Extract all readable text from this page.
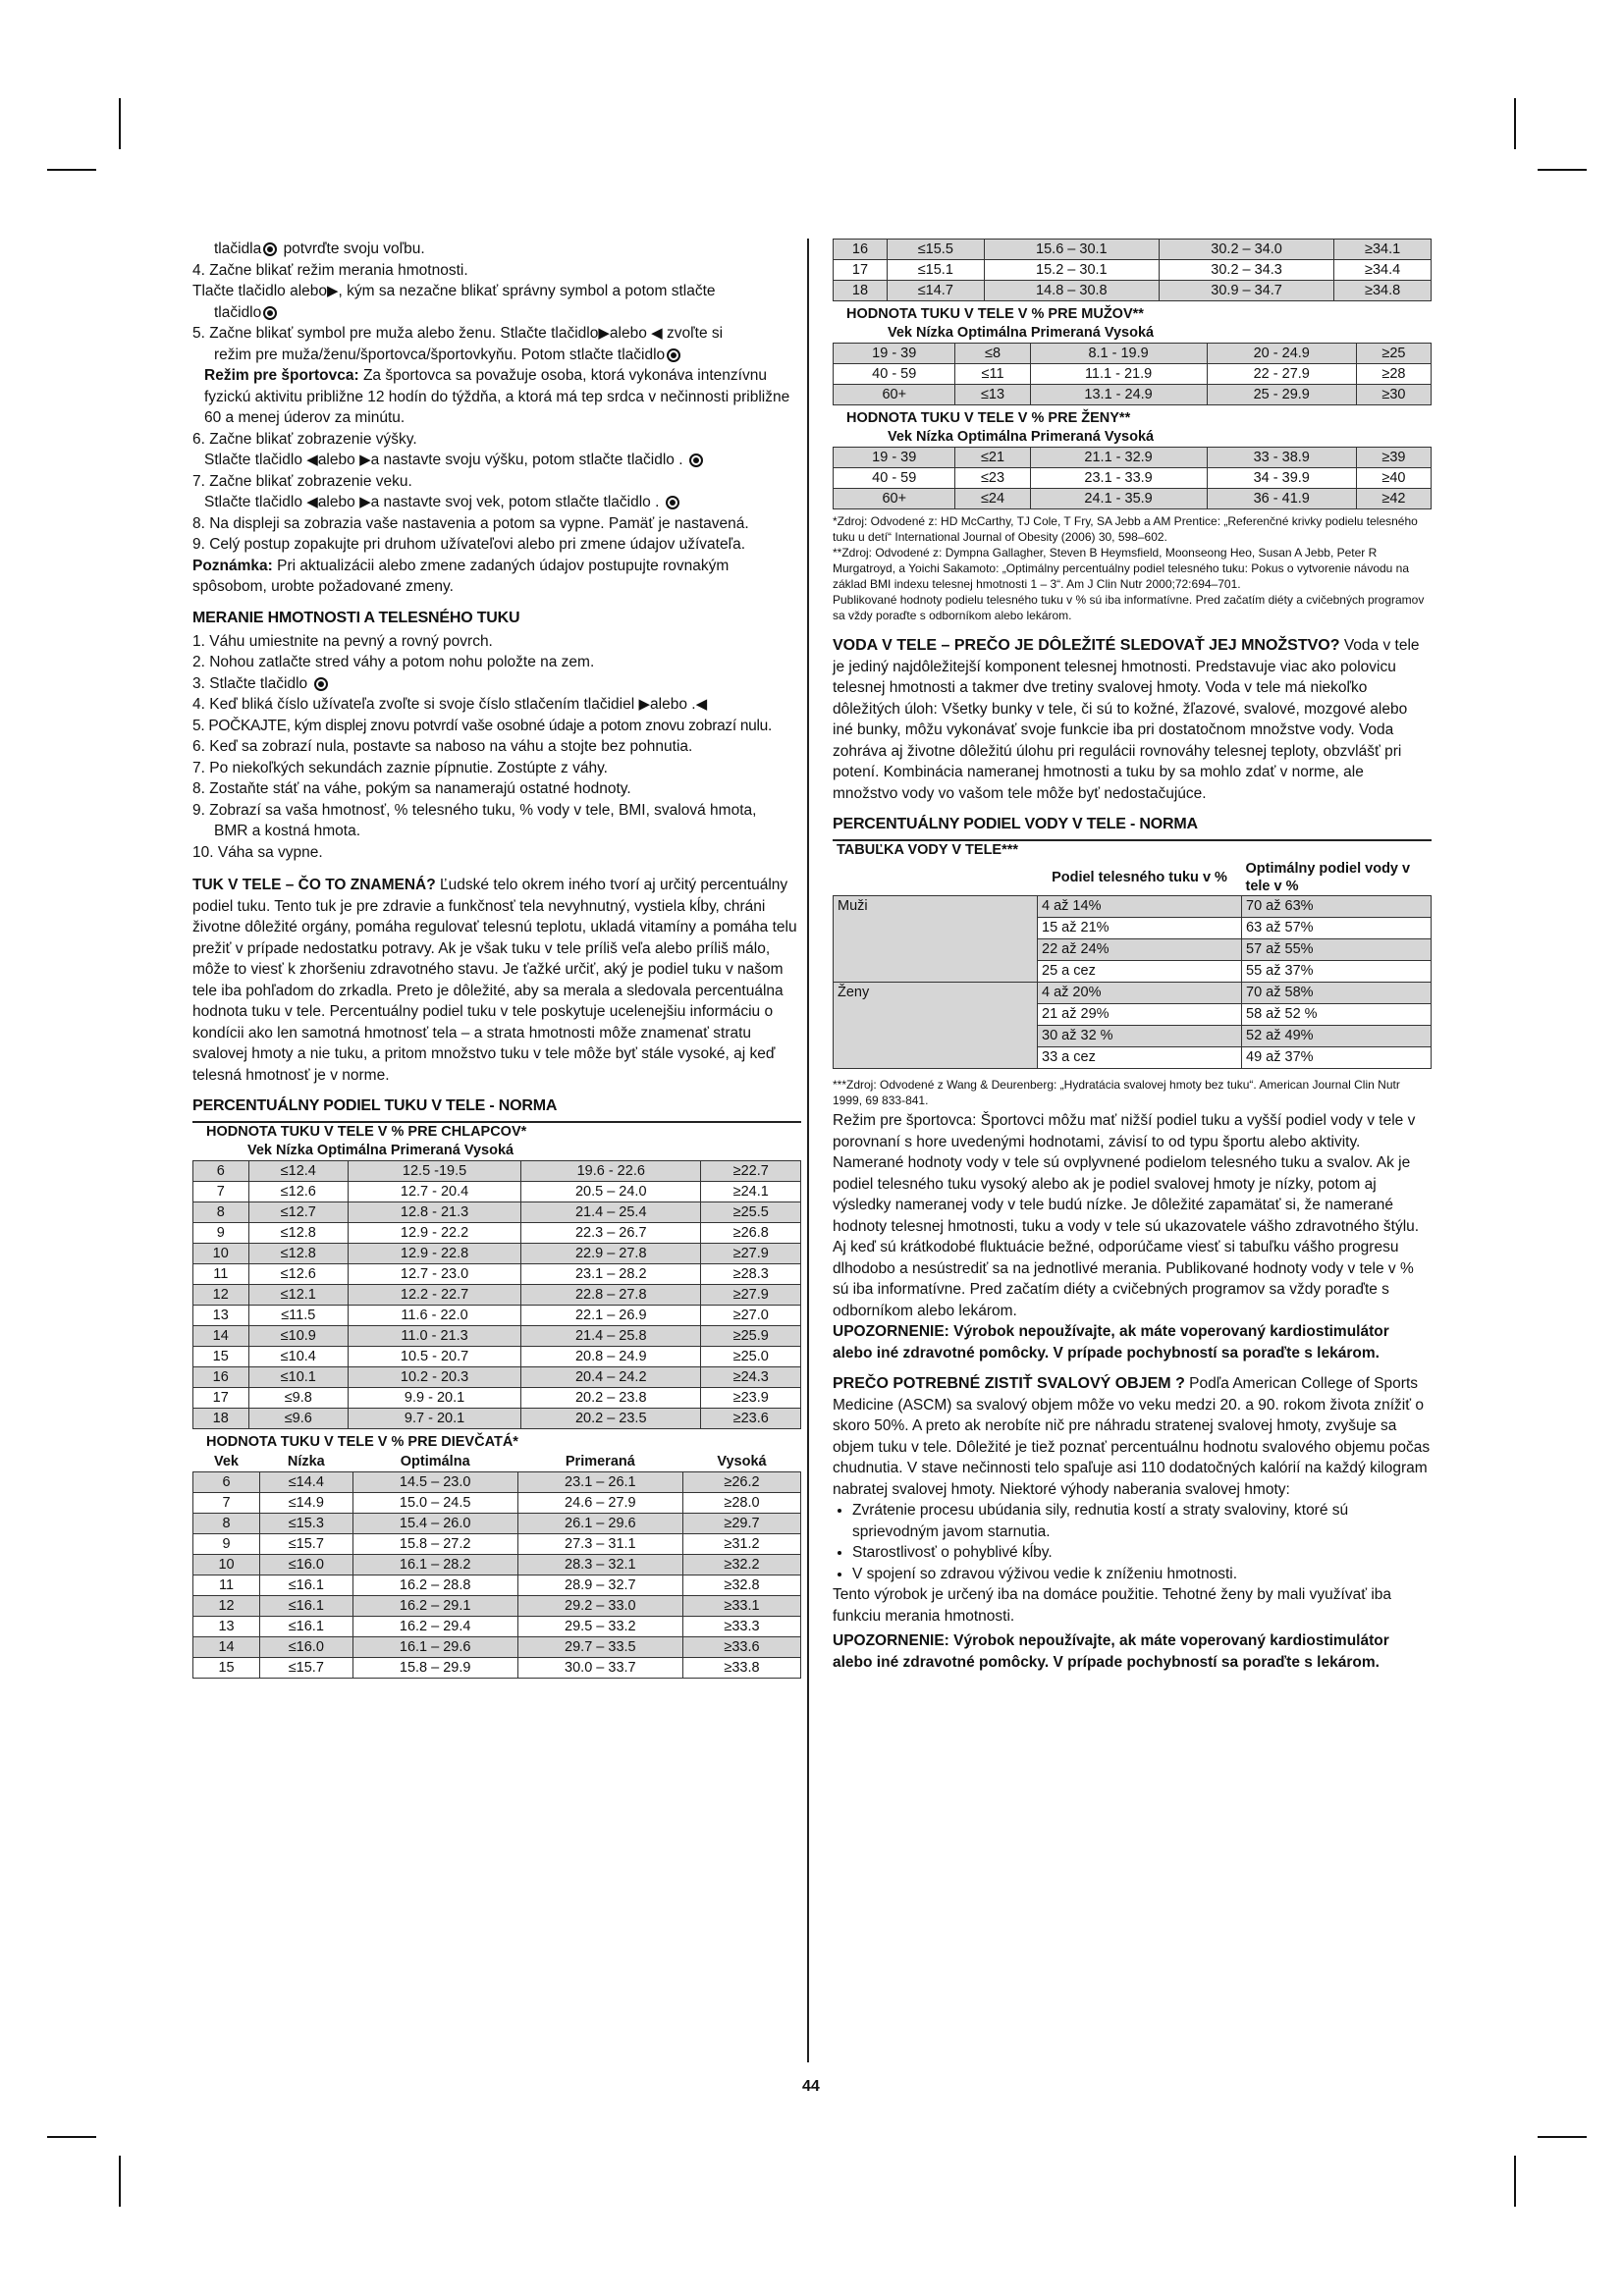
tlačidla potvrďte svoju voľbu.

4. Začne blikať režim merania hmotnosti.

Tlačte tlačidlo alebo▶, kým sa nezačne blikať správny symbol a potom stlačte

tlačidlo

5. Začne blikať symbol pre muža alebo ženu. Stlačte tlačidlo▶alebo ◀ zvoľte si

režim pre muža/ženu/športovca/športovkyňu. Potom stlačte tlačidlo

Režim pre športovca: Za športovca sa považuje osoba, ktorá vykonáva intenzívnu fyzickú aktivitu približne 12 hodín do týždňa, a ktorá má tep srdca v nečinnosti približne 60 a menej úderov za minútu.

6. Začne blikať zobrazenie výšky.

Stlačte tlačidlo ◀alebo ▶a nastavte svoju výšku, potom stlačte tlačidlo .

7. Začne blikať zobrazenie veku.

Stlačte tlačidlo ◀alebo ▶a nastavte svoj vek, potom stlačte tlačidlo .

8. Na displeji sa zobrazia vaše nastavenia a potom sa vypne. Pamäť je nastavená.

9. Celý postup zopakujte pri druhom užívateľovi alebo pri zmene údajov užívateľa.

Poznámka: Pri aktualizácii alebo zmene zadaných údajov postupujte rovnakým spôsobom, urobte požadované zmeny.

MERANIE HMOTNOSTI A TELESNÉHO TUKU

1. Váhu umiestnite na pevný a rovný povrch.

2. Nohou zatlačte stred váhy a potom nohu položte na zem.

3. Stlačte tlačidlo

4. Keď bliká číslo užívateľa zvoľte si svoje číslo stlačením tlačidiel ▶alebo .◀

5. POČKAJTE, kým displej znovu potvrdí vaše osobné údaje a potom znovu zobrazí nulu.

6. Keď sa zobrazí nula, postavte sa naboso na váhu a stojte bez pohnutia.

7. Po niekoľkých sekundách zaznie pípnutie. Zostúpte z váhy.

8. Zostaňte stáť na váhe, pokým sa nanamerajú ostatné hodnoty.

9. Zobrazí sa vaša hmotnosť, % telesného tuku, % vody v tele, BMI, svalová hmota,

BMR a kostná hmota.

10. Váha sa vypne.

TUK V TELE – ČO TO ZNAMENÁ? Ľudské telo okrem iného tvorí aj určitý percentuálny podiel tuku. Tento tuk je pre zdravie a funkčnosť tela nevyhnutný, vystiela kĺby, chráni životne dôležité orgány, pomáha regulovať telesnú teplotu, ukladá vitamíny a pomáha telu prežiť v prípade nedostatku potravy. Ak je však tuku v tele príliš veľa alebo príliš málo, môže to viesť k zhoršeniu zdravotného stavu. Je ťažké určiť, aký je podiel tuku v našom tele iba pohľadom do zrkadla. Preto je dôležité, aby sa merala a sledovala percentuálna hodnota tuku v tele. Percentuálny podiel tuku v tele poskytuje ucelenejšiu informáciu o kondícii ako len samotná hmotnosť tela – a strata hmotnosti môže znamenať stratu svalovej hmoty a nie tuku, a pritom množstvo tuku v tele môže byť stále vysoké, aj keď telesná hmotnosť je v norme.

PERCENTUÁLNY PODIEL TUKU V TELE - NORMA
HODNOTA TUKU V TELE V % PRE CHLAPCOV*
Vek Nízka Optimálna Primeraná Vysoká
6	≤12.4	12.5 -19.5	19.6 - 22.6	≥22.7
7	≤12.6	12.7 - 20.4	20.5 – 24.0	≥24.1
8	≤12.7	12.8 - 21.3	21.4 – 25.4	≥25.5
9	≤12.8	12.9 - 22.2	22.3 – 26.7	≥26.8
10	≤12.8	12.9 - 22.8	22.9 – 27.8	≥27.9
11	≤12.6	12.7 - 23.0	23.1 – 28.2	≥28.3
12	≤12.1	12.2 - 22.7	22.8 – 27.8	≥27.9
13	≤11.5	11.6 - 22.0	22.1 – 26.9	≥27.0
14	≤10.9	11.0 - 21.3	21.4 – 25.8	≥25.9
15	≤10.4	10.5 - 20.7	20.8 – 24.9	≥25.0
16	≤10.1	10.2 - 20.3	20.4 – 24.2	≥24.3
17	≤9.8	9.9 - 20.1	20.2 – 23.8	≥23.9
18	≤9.6	9.7 - 20.1	20.2 – 23.5	≥23.6
HODNOTA TUKU V TELE V % PRE DIEVČATÁ*
Vek	Nízka	Optimálna	Primeraná	Vysoká
6	≤14.4	14.5 – 23.0	23.1 – 26.1	≥26.2
7	≤14.9	15.0 – 24.5	24.6 – 27.9	≥28.0
8	≤15.3	15.4 – 26.0	26.1 – 29.6	≥29.7
9	≤15.7	15.8 – 27.2	27.3 – 31.1	≥31.2
10	≤16.0	16.1 – 28.2	28.3 – 32.1	≥32.2
11	≤16.1	16.2 – 28.8	28.9 – 32.7	≥32.8
12	≤16.1	16.2 – 29.1	29.2 – 33.0	≥33.1
13	≤16.1	16.2 – 29.4	29.5 – 33.2	≥33.3
14	≤16.0	16.1 – 29.6	29.7 – 33.5	≥33.6
15	≤15.7	15.8 – 29.9	30.0 – 33.7	≥33.8
16	≤15.5	15.6 – 30.1	30.2 – 34.0	≥34.1
17	≤15.1	15.2 – 30.1	30.2 – 34.3	≥34.4
18	≤14.7	14.8 – 30.8	30.9 – 34.7	≥34.8
HODNOTA TUKU V TELE V % PRE MUŽOV**
Vek Nízka Optimálna Primeraná Vysoká
19 - 39	≤8	8.1 - 19.9	20 - 24.9	≥25
40 - 59	≤11	11.1 - 21.9	22 - 27.9	≥28
60+	≤13	13.1 - 24.9	25 - 29.9	≥30
HODNOTA TUKU V TELE V % PRE ŽENY**
Vek Nízka Optimálna Primeraná Vysoká
19 - 39	≤21	21.1 - 32.9	33 - 38.9	≥39
40 - 59	≤23	23.1 - 33.9	34 - 39.9	≥40
60+	≤24	24.1 - 35.9	36 - 41.9	≥42

*Zdroj: Odvodené z: HD McCarthy, TJ Cole, T Fry, SA Jebb a AM Prentice: „Referenčné krivky podielu telesného tuku u detí“ International Journal of Obesity (2006) 30, 598–602.

**Zdroj: Odvodené z: Dympna Gallagher, Steven B Heymsfield, Moonseong Heo, Susan A Jebb, Peter R Murgatroyd, a Yoichi Sakamoto: „Optimálny percentuálny podiel telesného tuku: Pokus o vytvorenie návodu na základ BMI indexu telesnej hmotnosti 1 – 3“. Am J Clin Nutr 2000;72:694–701.

Publikované hodnoty podielu telesného tuku v % sú iba informatívne. Pred začatím diéty a cvičebných programov sa vždy poraďte s odborníkom alebo lekárom.

VODA V TELE – PREČO JE DÔLEŽITÉ SLEDOVAŤ JEJ MNOŽSTVO? Voda v tele je jediný najdôležitejší komponent telesnej hmotnosti. Predstavuje viac ako polovicu telesnej hmotnosti a takmer dve tretiny svalovej hmoty. Voda v tele má niekoľko dôležitých úloh: Všetky bunky v tele, či sú to kožné, žľazové, svalové, mozgové alebo iné bunky, môžu vykonávať svoje funkcie iba pri dostatočnom množstve vody. Voda zohráva aj životne dôležitú úlohu pri regulácii rovnováhy telesnej teploty, obzvlášť pri potení. Kombinácia nameranej hmotnosti a tuku by sa mohlo zdať v norme, ale množstvo vody vo vašom tele môže byť nedostačujúce.

PERCENTUÁLNY PODIEL VODY V TELE - NORMA
TABUĽKA VODY V TELE***
	Podiel telesného tuku v %	Optimálny podiel vody v tele v %
Muži	4 až 14%	70 až 63%
	15 až 21%	63 až 57%
	22 až 24%	57 až 55%
	25 a cez	55 až 37%
Ženy	4 až 20%	70 až 58%
	21 až 29%	58 až 52 %
	30 až 32 %	52 až 49%
	33 a cez	49 až 37%

***Zdroj: Odvodené z Wang & Deurenberg: „Hydratácia svalovej hmoty bez tuku“. American Journal Clin Nutr 1999, 69 833-841.

Režim pre športovca: Športovci môžu mať nižší podiel tuku a vyšší podiel vody v tele v porovnaní s hore uvedenými hodnotami, závisí to od typu športu alebo aktivity. Namerané hodnoty vody v tele sú ovplyvnené podielom telesného tuku a svalov. Ak je podiel telesného tuku vysoký alebo ak je podiel svalovej hmoty je nízky, potom aj výsledky nameranej vody v tele budú nízke. Je dôležité zapamätať si, že namerané hodnoty telesnej hmotnosti, tuku a vody v tele sú ukazovatele vášho zdravotného štýlu. Aj keď sú krátkodobé fluktuácie bežné, odporúčame viesť si tabuľku vášho progresu dlhodobo a nesústrediť sa na jednotlivé merania. Publikované hodnoty vody v tele v % sú iba informatívne. Pred začatím diéty a cvičebných programov sa vždy poraďte s odborníkom alebo lekárom.

UPOZORNENIE: Výrobok nepoužívajte, ak máte voperovaný kardiostimulátor alebo iné zdravotné pomôcky. V prípade pochybností sa poraďte s lekárom.

PREČO POTREBNÉ ZISTIŤ SVALOVÝ OBJEM ? Podľa American College of Sports Medicine (ASCM) sa svalový objem môže vo veku medzi 20. a 90. rokom života znížiť o skoro 50%. A preto ak nerobíte nič pre náhradu stratenej svalovej hmoty, zvyšuje sa objem tuku v tele. Dôležité je tiež poznať percentuálnu hodnotu svalového objemu počas chudnutia. V stave nečinnosti telo spaľuje asi 110 dodatočných kalórií na každý kilogram nabratej svalovej hmoty. Niektoré výhody naberania svalovej hmoty:

• Zvrátenie procesu ubúdania sily, rednutia kostí a straty svaloviny, ktoré sú sprievodným javom starnutia.
• Starostlivosť o pohyblivé kĺby.
• V spojení so zdravou výživou vedie k zníženiu hmotnosti.

Tento výrobok je určený iba na domáce použitie. Tehotné ženy by mali využívať iba funkciu merania hmotnosti.

UPOZORNENIE: Výrobok nepoužívajte, ak máte voperovaný kardiostimulátor alebo iné zdravotné pomôcky. V prípade pochybností sa poraďte s lekárom.

44
